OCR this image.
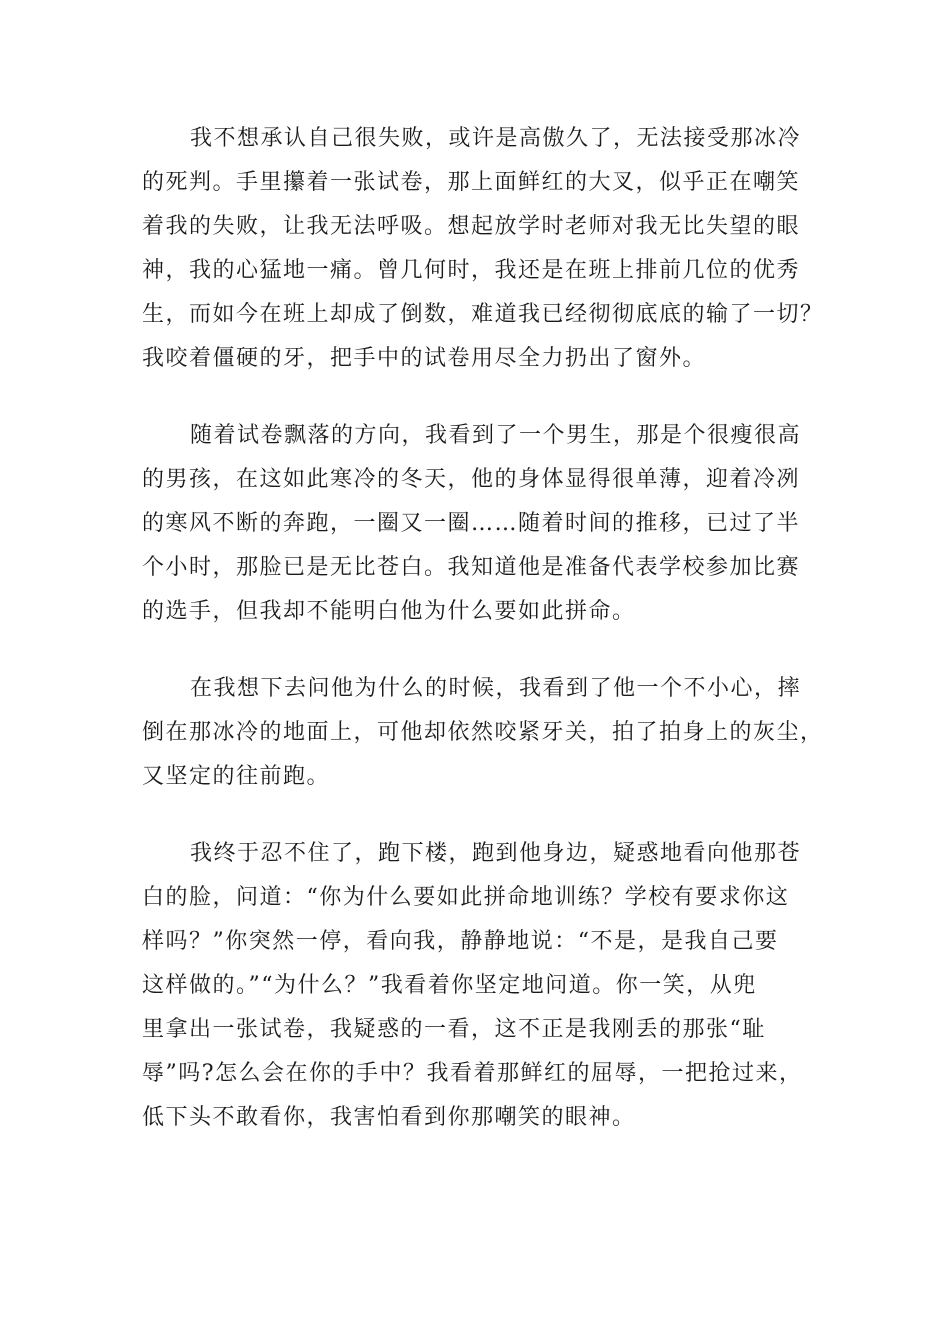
我不想承认自己很失败，或许是高傲久了，无法接受那冰冷
的死判。手里攥着一张试卷，那上面鲜红的大叉，似乎正在嘲笑
着我的失败，让我无法呼吸。想起放学时老师对我无比失望的眼
神，我的心猛地一痛。曾几何时，我还是在班上排前几位的优秀
生，而如今在班上却成了倒数，难道我已经彻彻底底的输了一切？
我咬着僵硬的牙，把手中的试卷用尽全力扔出了窗外。

随着试卷飘落的方向，我看到了一个男生，那是个很瘦很高
的男孩，在这如此寒冷的冬天，他的身体显得很单薄，迎着冷冽
的寒风不断的奔跑，一圈又一圈……随着时间的推移，已过了半
个小时，那脸已是无比苍白。我知道他是准备代表学校参加比赛
的选手，但我却不能明白他为什么要如此拼命。

在我想下去问他为什么的时候，我看到了他一个不小心，摔
倒在那冰冷的地面上，可他却依然咬紧牙关，拍了拍身上的灰尘，
又坚定的往前跑。

我终于忍不住了，跑下楼，跑到他身边，疑惑地看向他那苍
白的脸，问道：“你为什么要如此拼命地训练？学校有要求你这
样吗？”你突然一停，看向我，静静地说：“不是，是我自己要
这样做的。”“为什么？”我看着你坚定地问道。你一笑，从兜
里拿出一张试卷，我疑惑的一看，这不正是我刚丢的那张“耻
辱”吗?怎么会在你的手中？我看着那鲜红的屈辱，一把抢过来，
低下头不敢看你，我害怕看到你那嘲笑的眼神。
